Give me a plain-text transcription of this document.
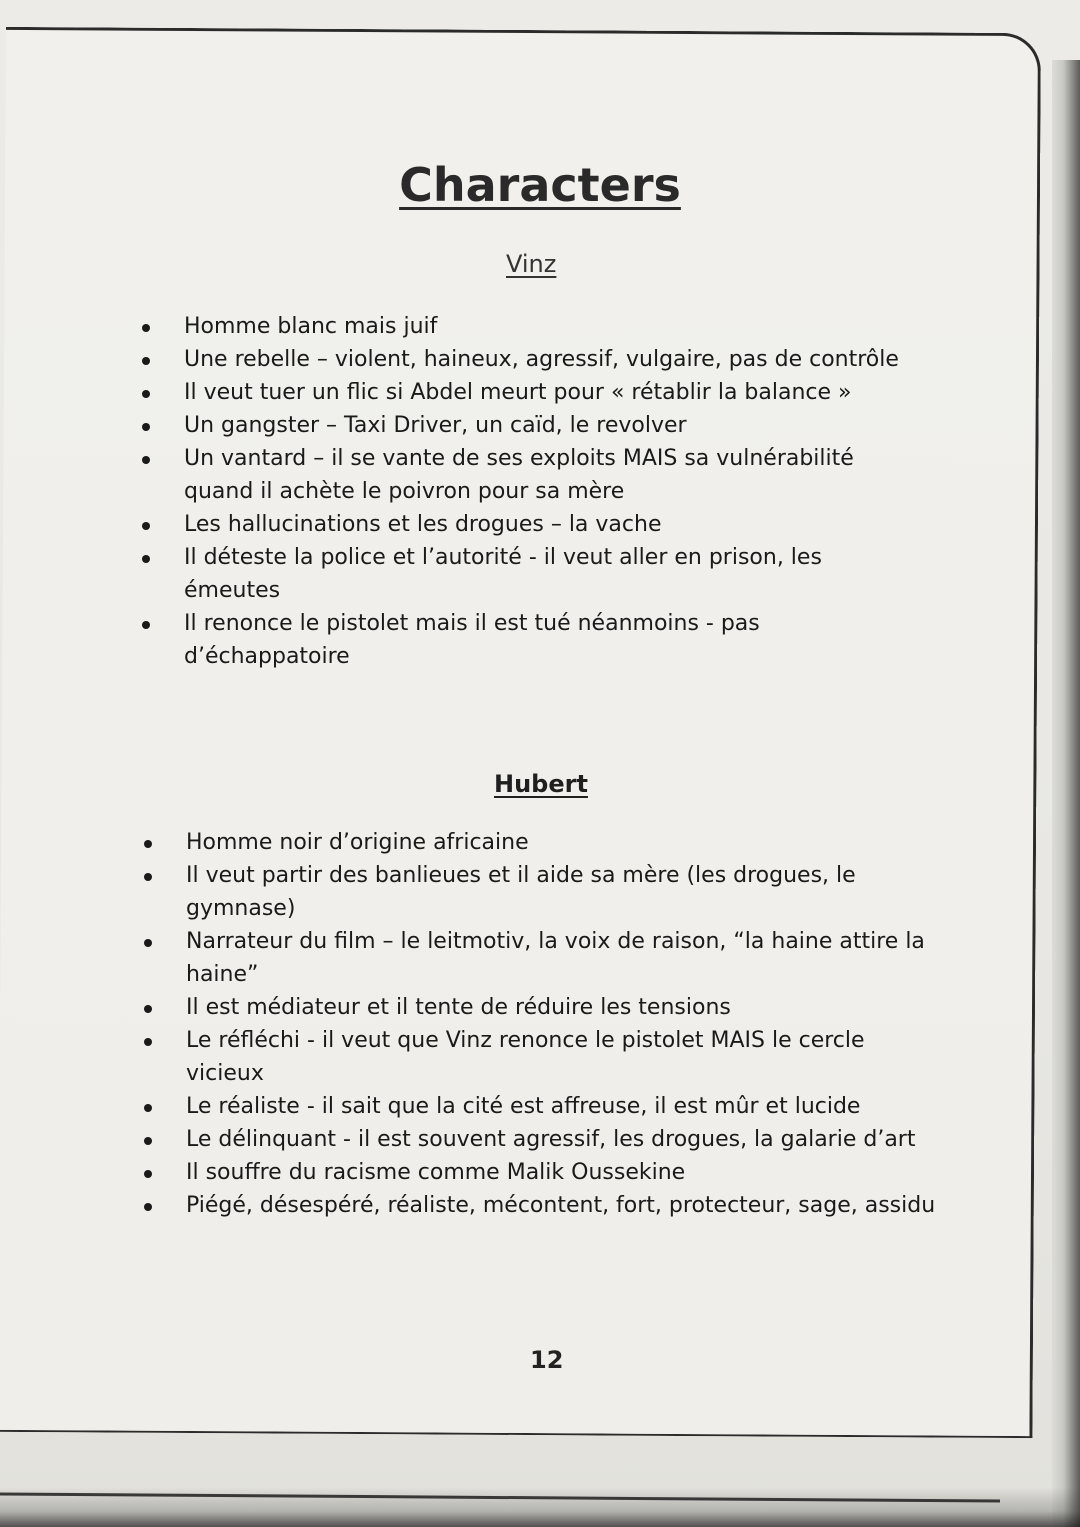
Characters
Vinz
Homme blanc mais juif
Une rebelle – violent, haineux, agressif, vulgaire, pas de contrôle
Il veut tuer un flic si Abdel meurt pour « rétablir la balance »
Un gangster – Taxi Driver, un caïd, le revolver
Un vantard – il se vante de ses exploits MAIS sa vulnérabilité quand il achète le poivron pour sa mère
Les hallucinations et les drogues – la vache
Il déteste la police et l’autorité - il veut aller en prison, les émeutes
Il renonce le pistolet mais il est tué néanmoins - pas d’échappatoire
Hubert
Homme noir d’origine africaine
Il veut partir des banlieues et il aide sa mère (les drogues, le gymnase)
Narrateur du film – le leitmotiv, la voix de raison, “la haine attire la haine”
Il est médiateur et il tente de réduire les tensions
Le réfléchi - il veut que Vinz renonce le pistolet MAIS le cercle vicieux
Le réaliste - il sait que la cité est affreuse, il est mûr et lucide
Le délinquant - il est souvent agressif, les drogues, la galarie d’art
Il souffre du racisme comme Malik Oussekine
Piégé, désespéré, réaliste, mécontent, fort, protecteur, sage, assidu
12
